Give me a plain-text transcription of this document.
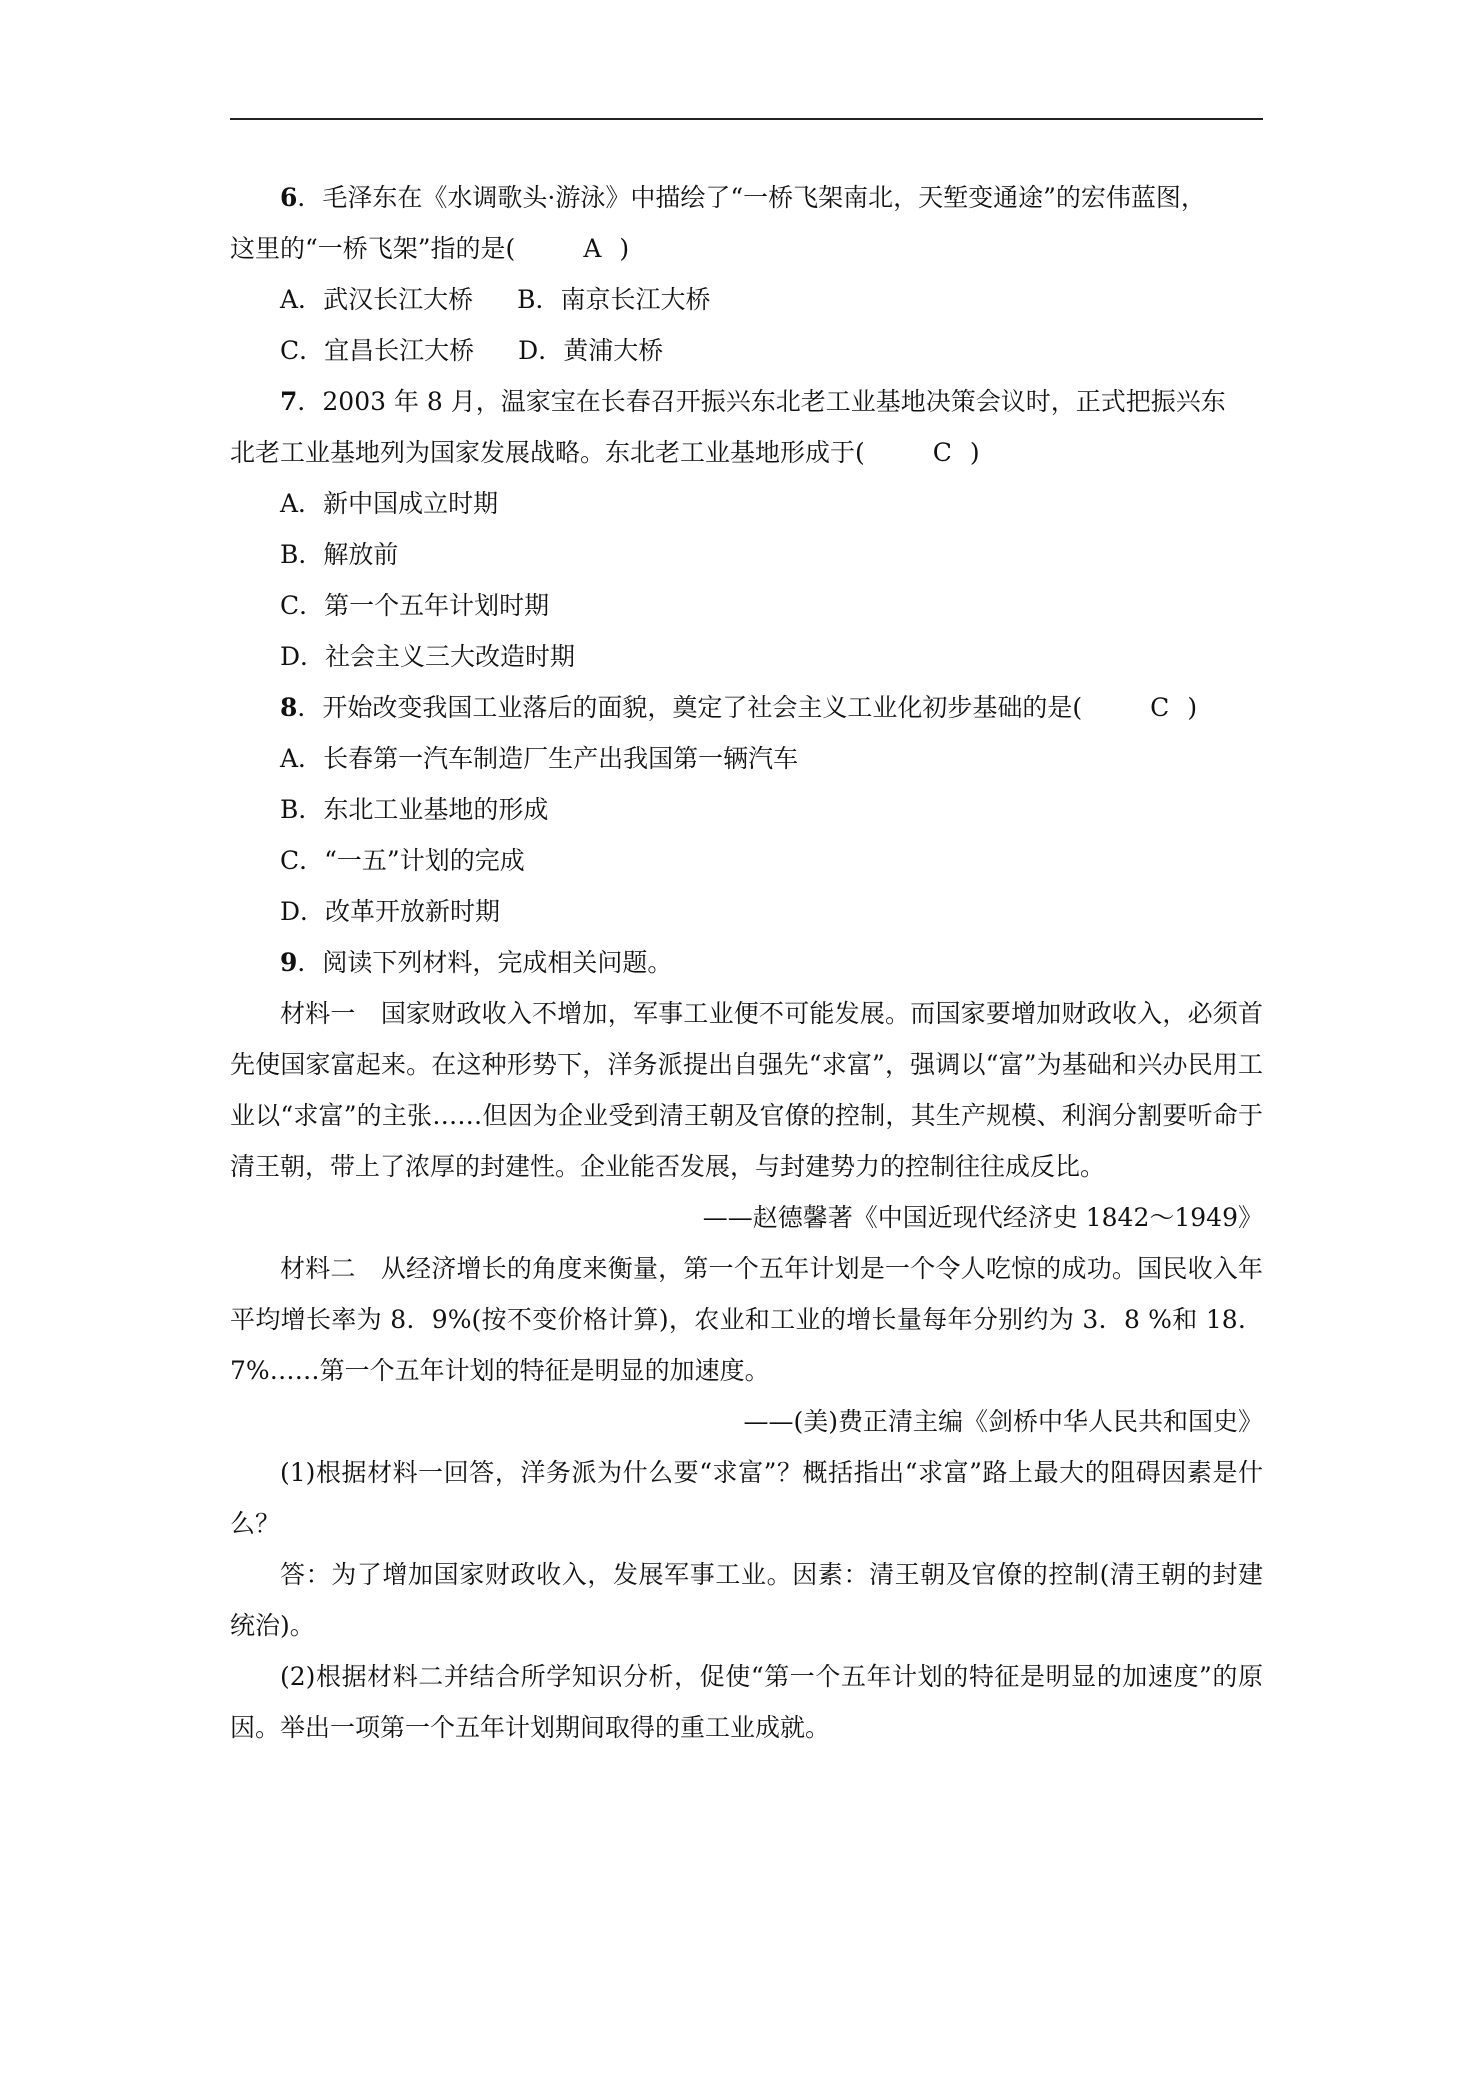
6．毛泽东在《水调歌头·游泳》中描绘了“一桥飞架南北，天堑变通途”的宏伟蓝图，
这里的“一桥飞架”指的是(	A )

A．武汉长江大桥 B．南京长江大桥

C．宜昌长江大桥 D．黄浦大桥

7．2003 年 8 月，温家宝在长春召开振兴东北老工业基地决策会议时，正式把振兴东
北老工业基地列为国家发展战略。东北老工业基地形成于(	C )

A．新中国成立时期

B．解放前

C．第一个五年计划时期

D．社会主义三大改造时期

8．开始改变我国工业落后的面貌，奠定了社会主义工业化初步基础的是(	C )

A．长春第一汽车制造厂生产出我国第一辆汽车

B．东北工业基地的形成

C．“一五”计划的完成

D．改革开放新时期

9．阅读下列材料，完成相关问题。

材料一　国家财政收入不增加，军事工业便不可能发展。而国家要增加财政收入，必须首先使国家富起来。在这种形势下，洋务派提出自强先“求富”，强调以“富”为基础和兴办民用工业以“求富”的主张……但因为企业受到清王朝及官僚的控制，其生产规模、利润分割要听命于清王朝，带上了浓厚的封建性。企业能否发展，与封建势力的控制往往成反比。

——赵德馨著《中国近现代经济史 1842～1949》

材料二　从经济增长的角度来衡量，第一个五年计划是一个令人吃惊的成功。国民收入年平均增长率为 8．9%(按不变价格计算)，农业和工业的增长量每年分别约为 3．8 %和 18．7%……第一个五年计划的特征是明显的加速度。

——(美)费正清主编《剑桥中华人民共和国史》

(1)根据材料一回答，洋务派为什么要“求富”？概括指出“求富”路上最大的阻碍因素是什么？

答：为了增加国家财政收入，发展军事工业。因素：清王朝及官僚的控制(清王朝的封建统治)。

(2)根据材料二并结合所学知识分析，促使“第一个五年计划的特征是明显的加速度”的原因。举出一项第一个五年计划期间取得的重工业成就。
